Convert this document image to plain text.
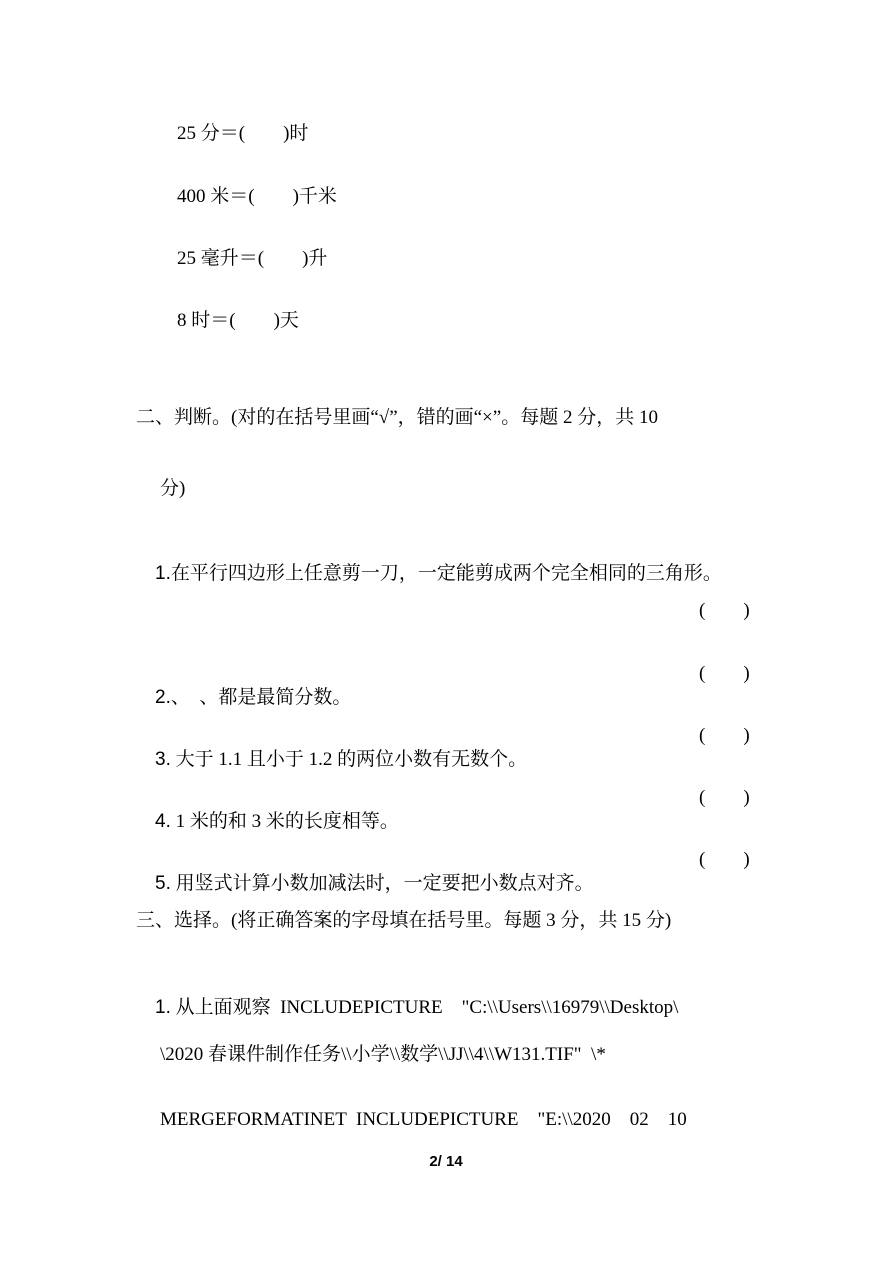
25 分＝(　　)时
400 米＝(　　)千米
25 毫升＝(　　)升
8 时＝(　　)天
二、判断。(对的在括号里画“√”，错的画“×”。每题 2 分，共 10
分)

1.在平行四边形上任意剪一刀，一定能剪成两个完全相同的三角形。

(　　)

2.、　、都是最简分数。

(　　)

3. 大于 1.1 且小于 1.2 的两位小数有无数个。

(　　)

4. 1 米的和 3 米的长度相等。

(　　)

5. 用竖式计算小数加减法时，一定要把小数点对齐。

(　　)
三、选择。(将正确答案的字母填在括号里。每题 3 分，共 15 分)

1. 从上面观察  INCLUDEPICTURE    "C:\\Users\\16979\\Desktop\

\2020 春课件制作任务\\小学\\数学\\JJ\\4\\W131.TIF"  \*
MERGEFORMATINET  INCLUDEPICTURE    "E:\\2020    02    10
2/ 14
